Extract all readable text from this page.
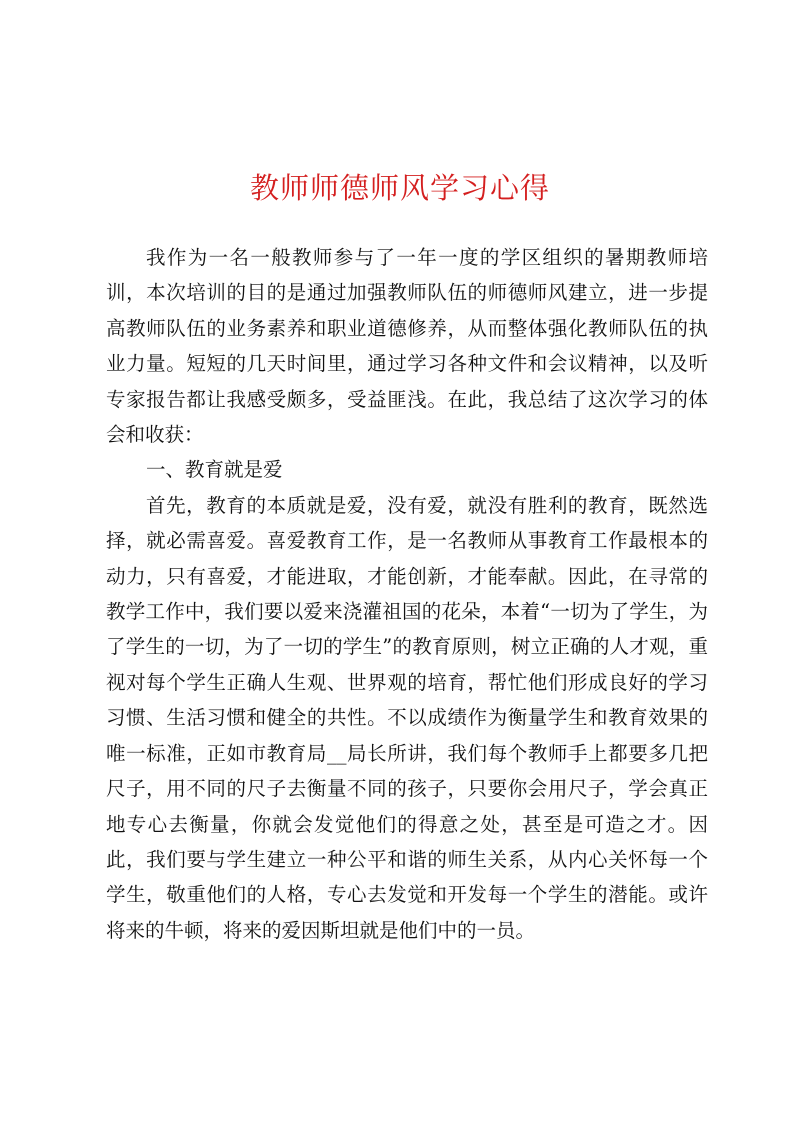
教师师德师风学习心得

我作为一名一般教师参与了一年一度的学区组织的暑期教师培训，本次培训的目的是通过加强教师队伍的师德师风建立，进一步提高教师队伍的业务素养和职业道德修养，从而整体强化教师队伍的执业力量。短短的几天时间里，通过学习各种文件和会议精神，以及听专家报告都让我感受颇多，受益匪浅。在此，我总结了这次学习的体会和收获：

一、教育就是爱

首先，教育的本质就是爱，没有爱，就没有胜利的教育，既然选择，就必需喜爱。喜爱教育工作，是一名教师从事教育工作最根本的动力，只有喜爱，才能进取，才能创新，才能奉献。因此，在寻常的教学工作中，我们要以爱来浇灌祖国的花朵，本着“一切为了学生，为了学生的一切，为了一切的学生”的教育原则，树立正确的人才观，重视对每个学生正确人生观、世界观的培育，帮忙他们形成良好的学习习惯、生活习惯和健全的共性。不以成绩作为衡量学生和教育效果的唯一标准，正如市教育局__局长所讲，我们每个教师手上都要多几把尺子，用不同的尺子去衡量不同的孩子，只要你会用尺子，学会真正地专心去衡量，你就会发觉他们的得意之处，甚至是可造之才。因此，我们要与学生建立一种公平和谐的师生关系，从内心关怀每一个学生，敬重他们的人格，专心去发觉和开发每一个学生的潜能。或许将来的牛顿，将来的爱因斯坦就是他们中的一员。
